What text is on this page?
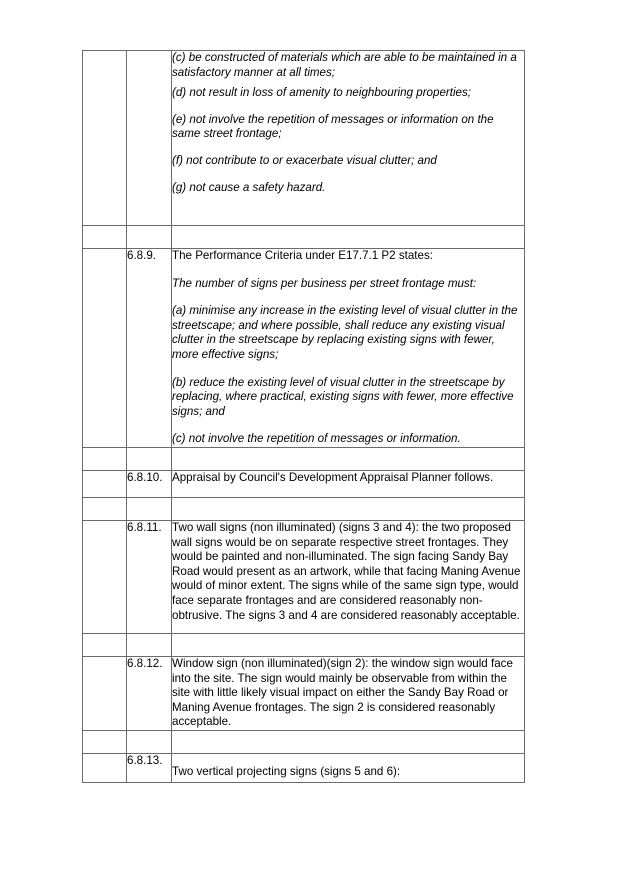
		(c) be constructed of materials which are able to be maintained in a satisfactory manner at all times;

(d) not result in loss of amenity to neighbouring properties;

(e) not involve the repetition of messages or information on the same street frontage;

(f) not contribute to or exacerbate visual clutter; and

(g) not cause a safety hazard.

	6.8.9.	The Performance Criteria under E17.7.1 P2 states:

The number of signs per business per street frontage must:

(a) minimise any increase in the existing level of visual clutter in the streetscape; and where possible, shall reduce any existing visual clutter in the streetscape by replacing existing signs with fewer, more effective signs;

(b) reduce the existing level of visual clutter in the streetscape by replacing, where practical, existing signs with fewer, more effective signs; and

(c) not involve the repetition of messages or information.

	6.8.10.	Appraisal by Council's Development Appraisal Planner follows.

	6.8.11.	Two wall signs (non illuminated) (signs 3 and 4): the two proposed wall signs would be on separate respective street frontages. They would be painted and non-illuminated. The sign facing Sandy Bay Road would present as an artwork, while that facing Maning Avenue would of minor extent. The signs while of the same sign type, would face separate frontages and are considered reasonably non-obtrusive. The signs 3 and 4 are considered reasonably acceptable.

	6.8.12.	Window sign (non illuminated)(sign 2): the window sign would face into the site. The sign would mainly be observable from within the site with little likely visual impact on either the Sandy Bay Road or Maning Avenue frontages. The sign 2 is considered reasonably acceptable.

	6.8.13.	Two vertical projecting signs (signs 5 and 6):
